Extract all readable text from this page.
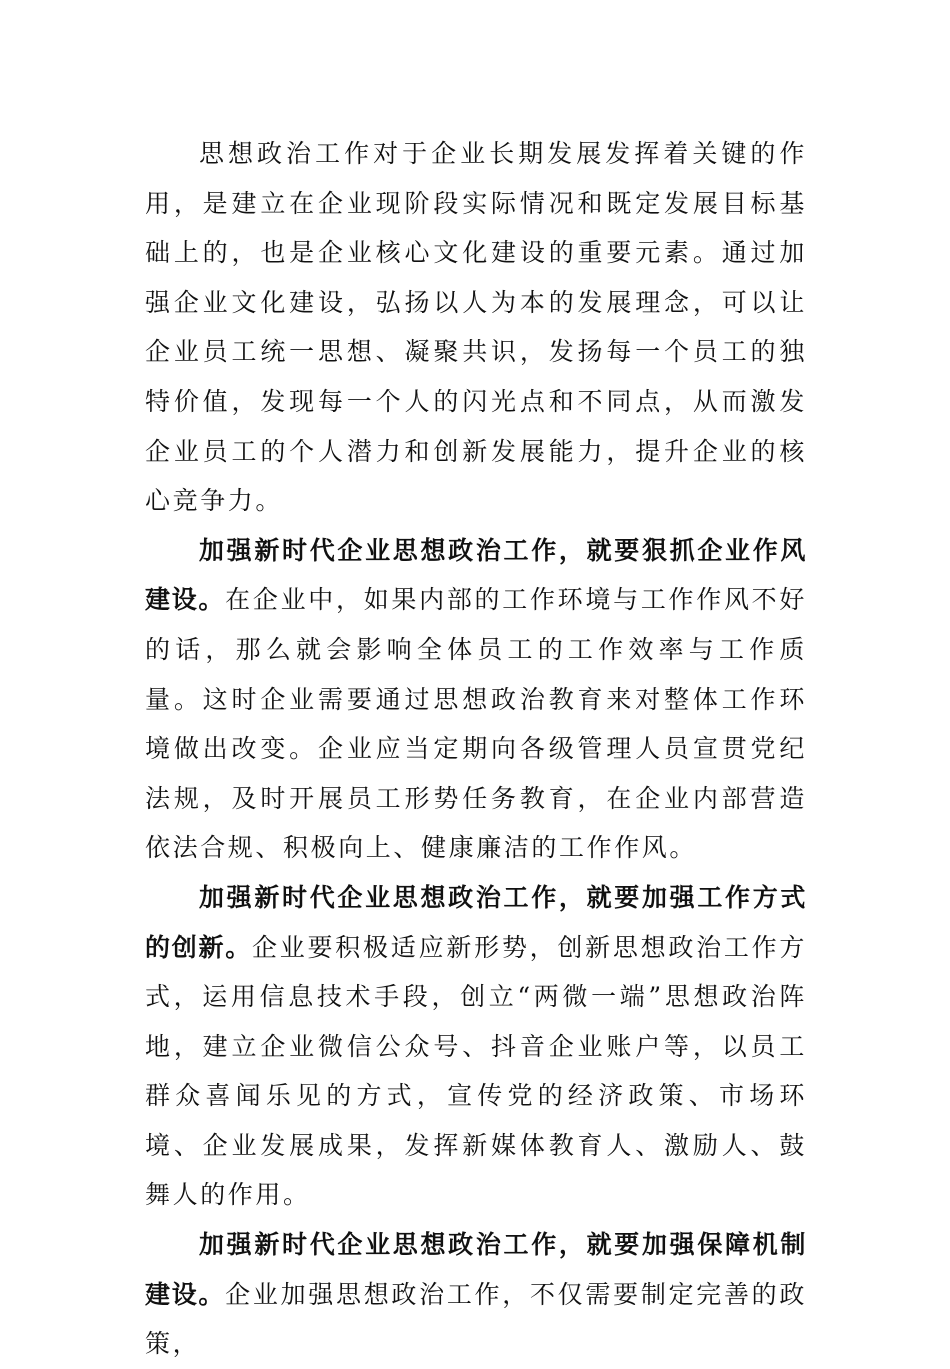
思想政治工作对于企业长期发展发挥着关键的作用，是建立在企业现阶段实际情况和既定发展目标基础上的，也是企业核心文化建设的重要元素。通过加强企业文化建设，弘扬以人为本的发展理念，可以让企业员工统一思想、凝聚共识，发扬每一个员工的独特价值，发现每一个人的闪光点和不同点，从而激发企业员工的个人潜力和创新发展能力，提升企业的核心竞争力。

加强新时代企业思想政治工作，就要狠抓企业作风建设。在企业中，如果内部的工作环境与工作作风不好的话，那么就会影响全体员工的工作效率与工作质量。这时企业需要通过思想政治教育来对整体工作环境做出改变。企业应当定期向各级管理人员宣贯党纪法规，及时开展员工形势任务教育，在企业内部营造依法合规、积极向上、健康廉洁的工作作风。

加强新时代企业思想政治工作，就要加强工作方式的创新。企业要积极适应新形势，创新思想政治工作方式，运用信息技术手段，创立“两微一端”思想政治阵地，建立企业微信公众号、抖音企业账户等，以员工群众喜闻乐见的方式，宣传党的经济政策、市场环境、企业发展成果，发挥新媒体教育人、激励人、鼓舞人的作用。

加强新时代企业思想政治工作，就要加强保障机制建设。企业加强思想政治工作，不仅需要制定完善的政策，
